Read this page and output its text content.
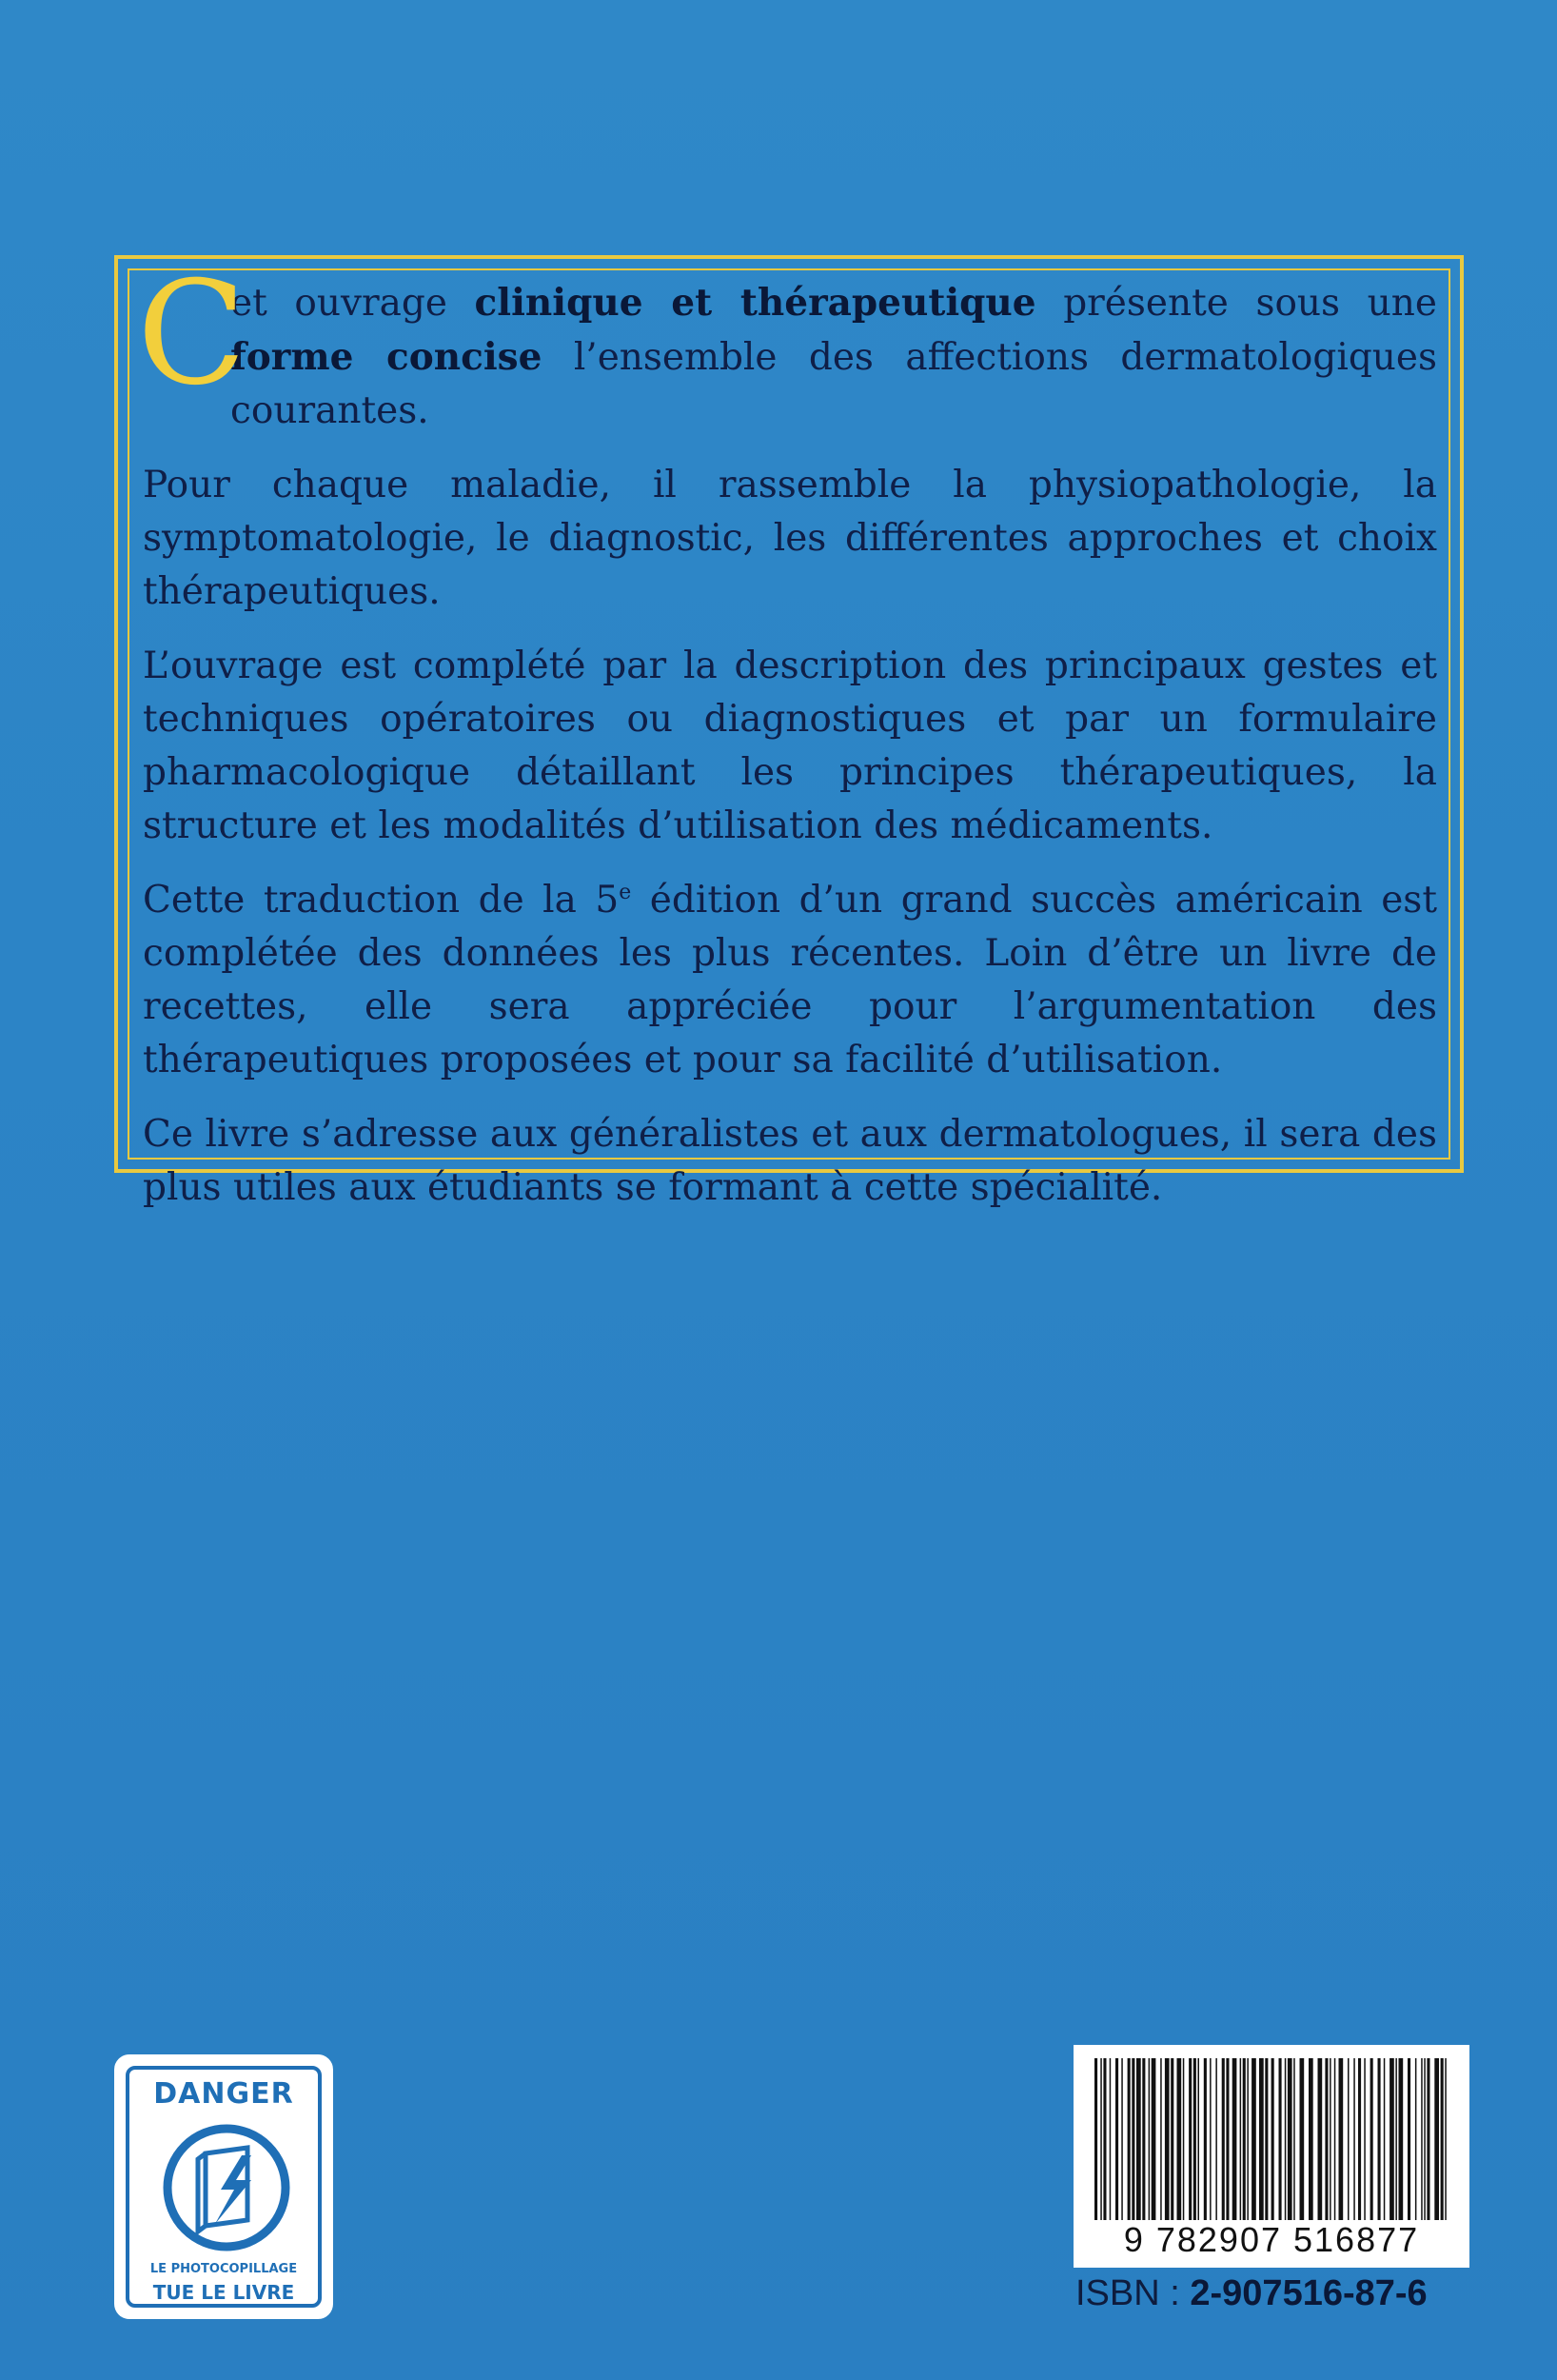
C
et ouvrage clinique et thérapeutique présente sous une forme concise l’ensemble des affections dermatologiques courantes.

Pour chaque maladie, il rassemble la physiopathologie, la symptomatologie, le diagnostic, les différentes approches et choix thérapeutiques.

L’ouvrage est complété par la description des principaux gestes et techniques opératoires ou diagnostiques et par un formulaire pharmacologique détaillant les principes thérapeutiques, la structure et les modalités d’utilisation des médicaments.

Cette traduction de la 5e édition d’un grand succès américain est complétée des données les plus récentes. Loin d’être un livre de recettes, elle sera appréciée pour l’argumentation des thérapeutiques proposées et pour sa facilité d’utilisation.

Ce livre s’adresse aux généralistes et aux dermatologues, il sera des plus utiles aux étudiants se formant à cette spécialité.

DANGER
LE PHOTOCOPILLAGE
TUE LE LIVRE
9 782907 516877
ISBN : 2-907516-87-6
